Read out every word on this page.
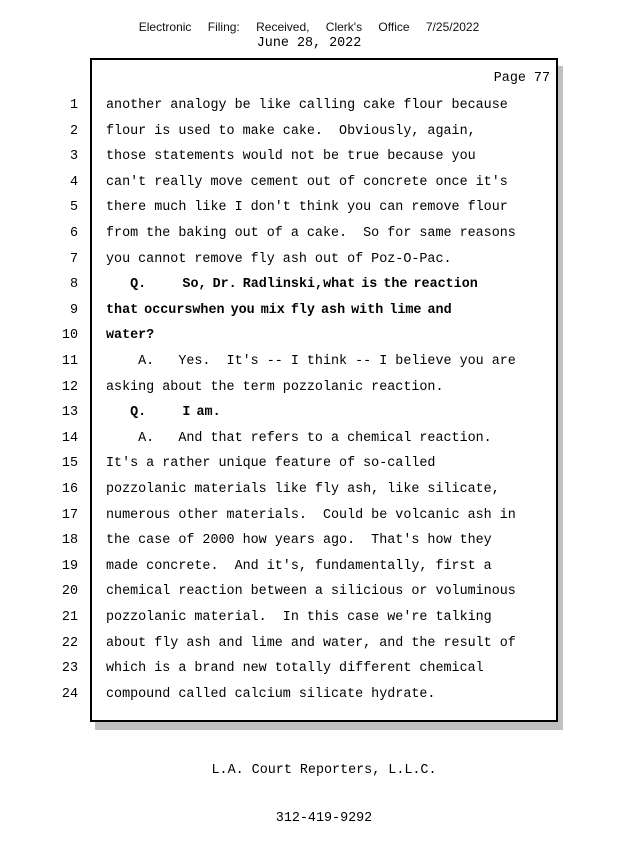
Electronic Filing: Received, Clerk's Office 7/25/2022
June 28, 2022
Page 77
1 another analogy be like calling cake flour because
2 flour is used to make cake.  Obviously, again,
3 those statements would not be true because you
4 can't really move cement out of concrete once it's
5 there much like I don't think you can remove flour
6 from the baking out of a cake.  So for same reasons
7 you cannot remove fly ash out of Poz-O-Pac.
8 Q.      So, Dr. Radlinski,what is the reaction
9 that occurswhen you mix fly ash with lime and
10 water?
11 A.   Yes.  It's -- I think -- I believe you are
12 asking about the term pozzolanic reaction.
13 Q.      I am.
14 A.   And that refers to a chemical reaction.
15 It's a rather unique feature of so-called
16 pozzolanic materials like fly ash, like silicate,
17 numerous other materials.  Could be volcanic ash in
18 the case of 2000 how years ago.  That's how they
19 made concrete.  And it's, fundamentally, first a
20 chemical reaction between a silicious or voluminous
21 pozzolanic material.  In this case we're talking
22 about fly ash and lime and water, and the result of
23 which is a brand new totally different chemical
24 compound called calcium silicate hydrate.

L.A. Court Reporters, L.L.C.

312-419-9292
